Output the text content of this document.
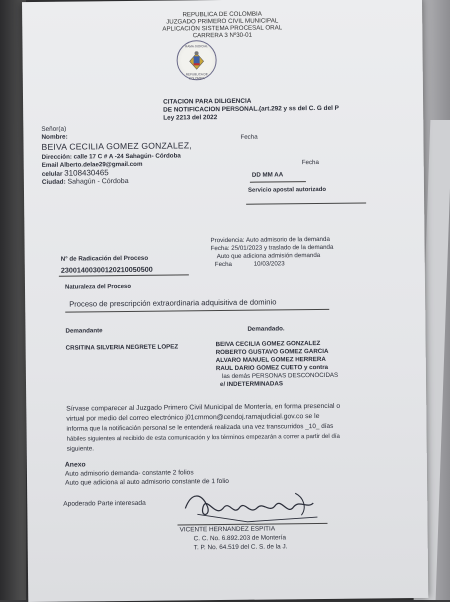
REPUBLICA DE COLOMBIA
JUZGADO PRIMERO CIVIL MUNICIPAL
APLICACIÓN SISTEMA PROCESAL ORAL
CARRERA 3 Nº30-01
RAMA JUDICIAL
REPUBLICA DE COLOMBIA
CITACION PARA DILIGENCIA
DE NOTIFICACION PERSONAL.(art.292 y ss del C. G del P
Ley 2213 del 2022
Señor(a)
Nombre:
BEIVA CECILIA GOMEZ GONZALEZ,
Dirección: calle 17 C # A -24 Sahagún- Córdoba
Email Alberto.delae29@gmail.com
celular 3108430465
Ciudad: Sahagún - Córdoba
Fecha
DD MM AA
Fecha
Servicio apostal autorizado
Providencia: Auto admisorio de la demanda
Fecha: 25/01/2023 y traslado de la demanda
Auto que adiciona admisión demanda
Fecha	10/03/2023
N° de Radicación del Proceso
23001400300120210050500
Naturaleza del Proceso
Proceso de prescripción extraordinaria adquisitiva de dominio
Demandante	Demandado.
CRSITINA SILVERIA NEGRETE LOPEZ	BEIVA CECILIA GOMEZ GONZALEZ
ROBERTO GUSTAVO GOMEZ GARCIA
ALVARO MANUEL GOMEZ HERRERA
RAUL DARIO GOMEZ CUETO y contra
las demás PERSONAS DESCONOCIDAS
e/ INDETERMINADAS
Sírvase comparecer al Juzgado Primero Civil Municipal de Montería, en forma presencial o
virtual por medio del correo electrónico j01cmmon@cendoj.ramajudicial.gov.co se le
informa que la notificación personal se le entenderá realizada una vez transcurridos _10_ días
hábiles siguientes al recibido de esta comunicación y los términos empezarán a correr a partir del día
siguiente.
Anexo
Auto admisorio demanda- constante 2 folios
Auto que adiciona al auto admisorio constante de 1 folio
Apoderado Parte interesada
VICENTE HERNANDEZ ESPITIA
C. C. No. 6.892.203 de Montería
T. P. No. 64.519 del C. S. de la J.
